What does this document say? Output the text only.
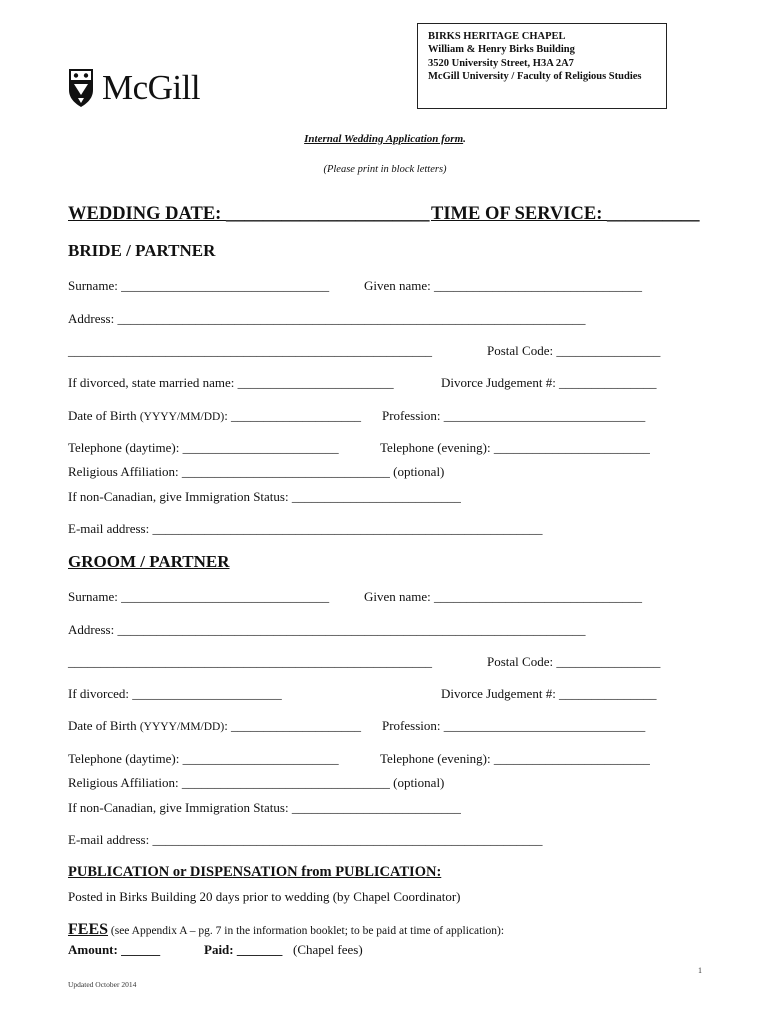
McGill
BIRKS HERITAGE CHAPEL
William & Henry Birks Building
3520 University Street, H3A 2A7
McGill University / Faculty of Religious Studies
Internal Wedding Application form.
(Please print in block letters)
WEDDING DATE: ______________________ TIME OF SERVICE: __________
BRIDE / PARTNER
Surname: ________________________________	Given name: ________________________________
Address: ________________________________________________________________________
________________________________________________________	Postal Code: ________________
If divorced, state married name: ________________________	Divorce Judgement #: _______________
Date of Birth (YYYY/MM/DD): ____________________ Profession: _______________________________
Telephone (daytime): ________________________	Telephone (evening): ________________________
Religious Affiliation: ________________________________ (optional)
If non-Canadian, give Immigration Status: __________________________
E-mail address: ____________________________________________________________
GROOM / PARTNER
Surname: ________________________________	Given name: ________________________________
Address: ________________________________________________________________________
________________________________________________________	Postal Code: ________________
If divorced: _______________________	Divorce Judgement #: _______________
Date of Birth (YYYY/MM/DD): ____________________ Profession: _______________________________
Telephone (daytime): ________________________	Telephone (evening): ________________________
Religious Affiliation: ________________________________ (optional)
If non-Canadian, give Immigration Status: __________________________
E-mail address: ____________________________________________________________
PUBLICATION or DISPENSATION from PUBLICATION:
Posted in Birks Building 20 days prior to wedding (by Chapel Coordinator)
FEES (see Appendix A – pg. 7 in the information booklet; to be paid at time of application):
Amount: ______	Paid: _______ (Chapel fees)
1
Updated October 2014
